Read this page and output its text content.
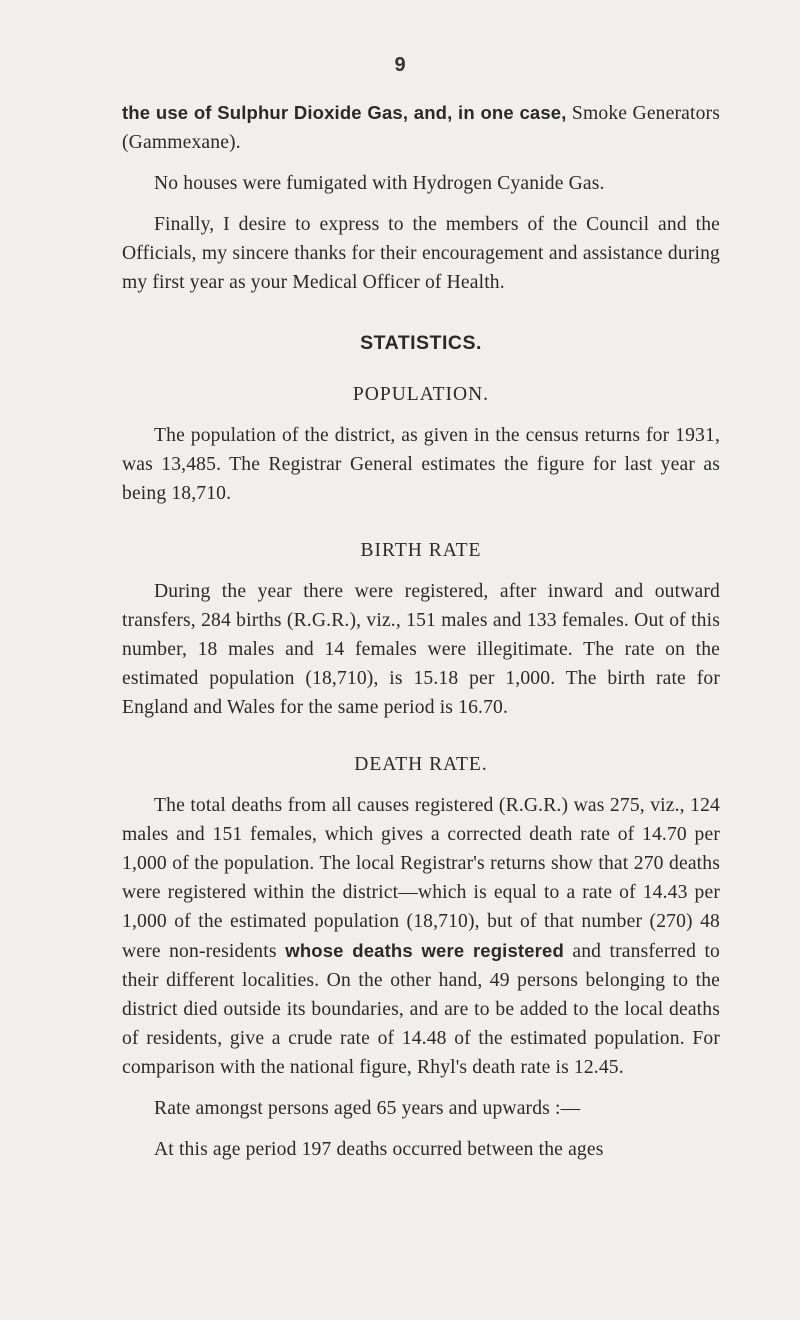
9

the use of Sulphur Dioxide Gas, and, in one case, Smoke Generators (Gammexane).

No houses were fumigated with Hydrogen Cyanide Gas.

Finally, I desire to express to the members of the Council and the Officials, my sincere thanks for their encouragement and assistance during my first year as your Medical Officer of Health.

STATISTICS.

POPULATION.

The population of the district, as given in the census returns for 1931, was 13,485. The Registrar General estimates the figure for last year as being 18,710.

BIRTH RATE

During the year there were registered, after inward and outward transfers, 284 births (R.G.R.), viz., 151 males and 133 females. Out of this number, 18 males and 14 females were illegitimate. The rate on the estimated population (18,710), is 15.18 per 1,000. The birth rate for England and Wales for the same period is 16.70.

DEATH RATE.

The total deaths from all causes registered (R.G.R.) was 275, viz., 124 males and 151 females, which gives a corrected death rate of 14.70 per 1,000 of the population. The local Registrar's returns show that 270 deaths were registered within the district—which is equal to a rate of 14.43 per 1,000 of the estimated population (18,710), but of that number (270) 48 were non-residents whose deaths were registered and transferred to their different localities. On the other hand, 49 persons belonging to the district died outside its boundaries, and are to be added to the local deaths of residents, give a crude rate of 14.48 of the estimated population. For comparison with the national figure, Rhyl's death rate is 12.45.

Rate amongst persons aged 65 years and upwards :—

At this age period 197 deaths occurred between the ages
